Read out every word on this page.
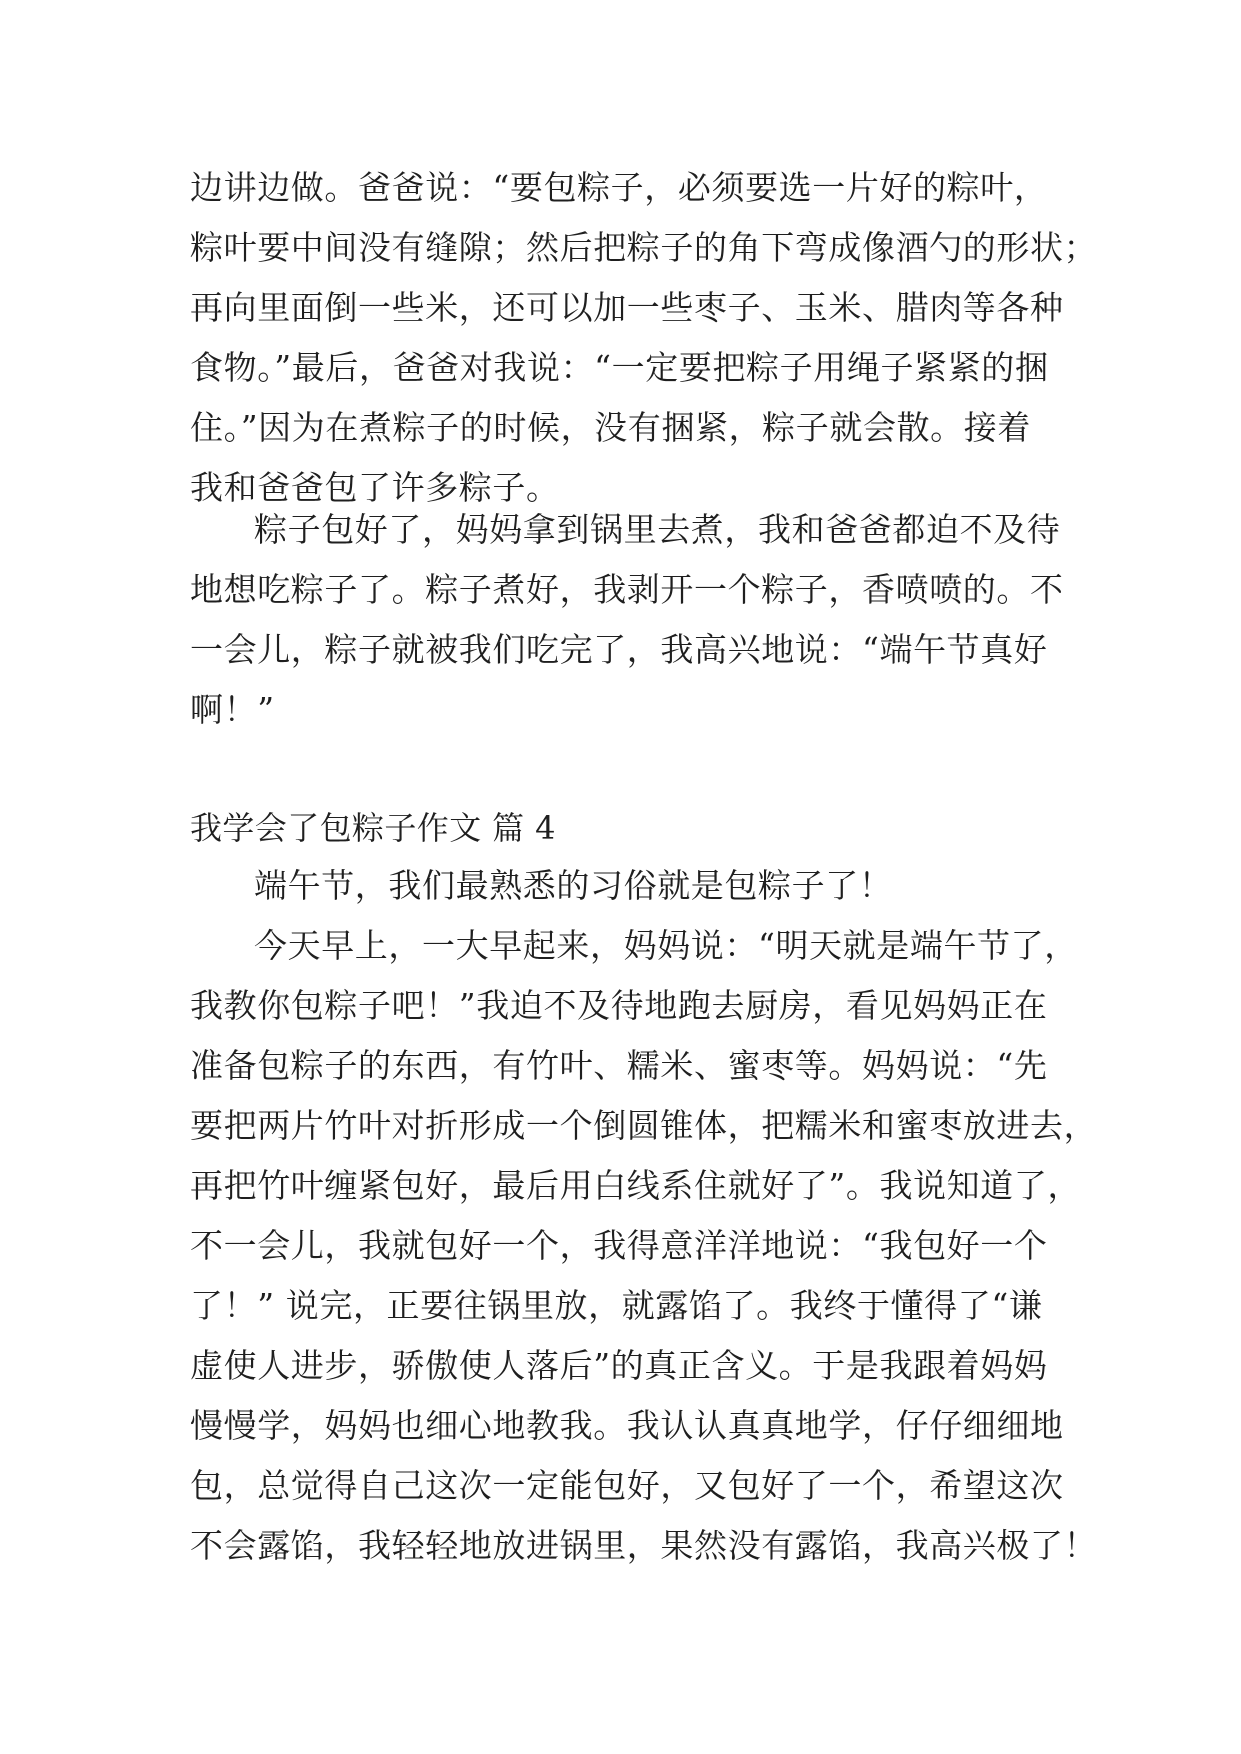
边讲边做。爸爸说：“要包粽子，必须要选一片好的粽叶，
粽叶要中间没有缝隙；然后把粽子的角下弯成像酒勺的形状；
再向里面倒一些米，还可以加一些枣子、玉米、腊肉等各种
食物。”最后，爸爸对我说：“一定要把粽子用绳子紧紧的捆
住。”因为在煮粽子的时候，没有捆紧，粽子就会散。接着
我和爸爸包了许多粽子。
粽子包好了，妈妈拿到锅里去煮，我和爸爸都迫不及待
地想吃粽子了。粽子煮好，我剥开一个粽子，香喷喷的。不
一会儿，粽子就被我们吃完了，我高兴地说：“端午节真好
啊！”
我学会了包粽子作文 篇 4
端午节，我们最熟悉的习俗就是包粽子了！
今天早上，一大早起来，妈妈说：“明天就是端午节了，
我教你包粽子吧！”我迫不及待地跑去厨房，看见妈妈正在
准备包粽子的东西，有竹叶、糯米、蜜枣等。妈妈说：“先
要把两片竹叶对折形成一个倒圆锥体，把糯米和蜜枣放进去，
再把竹叶缠紧包好，最后用白线系住就好了”。我说知道了，
不一会儿，我就包好一个，我得意洋洋地说：“我包好一个
了！” 说完，正要往锅里放，就露馅了。我终于懂得了“谦
虚使人进步，骄傲使人落后”的真正含义。于是我跟着妈妈
慢慢学，妈妈也细心地教我。我认认真真地学，仔仔细细地
包，总觉得自己这次一定能包好，又包好了一个，希望这次
不会露馅，我轻轻地放进锅里，果然没有露馅，我高兴极了！
